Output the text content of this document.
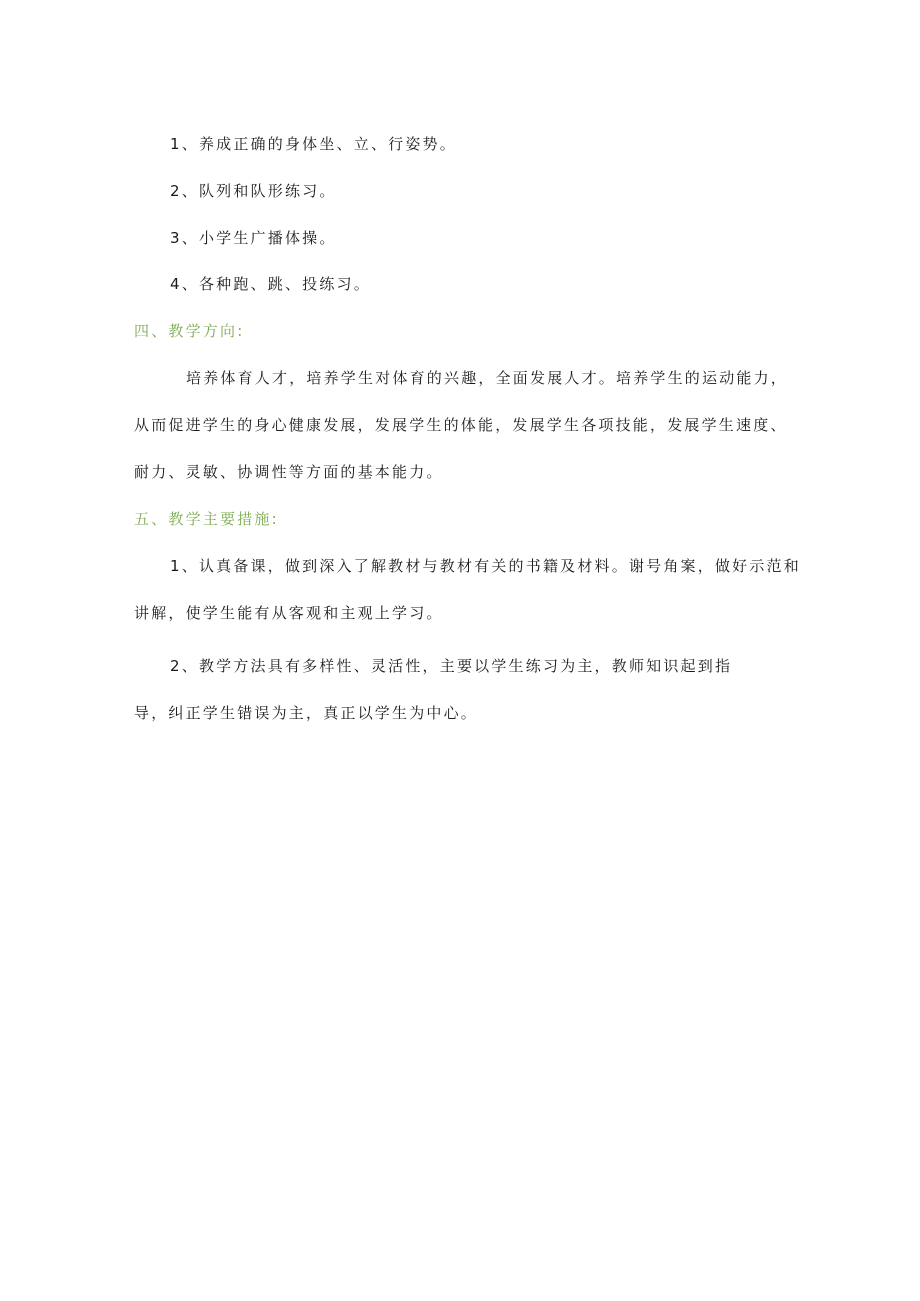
1、养成正确的身体坐、立、行姿势。
2、队列和队形练习。
3、小学生广播体操。
4、各种跑、跳、投练习。
四、教学方向:
培养体育人才，培养学生对体育的兴趣，全面发展人才。培养学生的运动能力，
从而促进学生的身心健康发展，发展学生的体能，发展学生各项技能，发展学生速度、
耐力、灵敏、协调性等方面的基本能力。
五、教学主要措施:
1、认真备课，做到深入了解教材与教材有关的书籍及材料。谢号角案，做好示范和
讲解，使学生能有从客观和主观上学习。
2、教学方法具有多样性、灵活性，主要以学生练习为主，教师知识起到指
导，纠正学生错误为主，真正以学生为中心。
